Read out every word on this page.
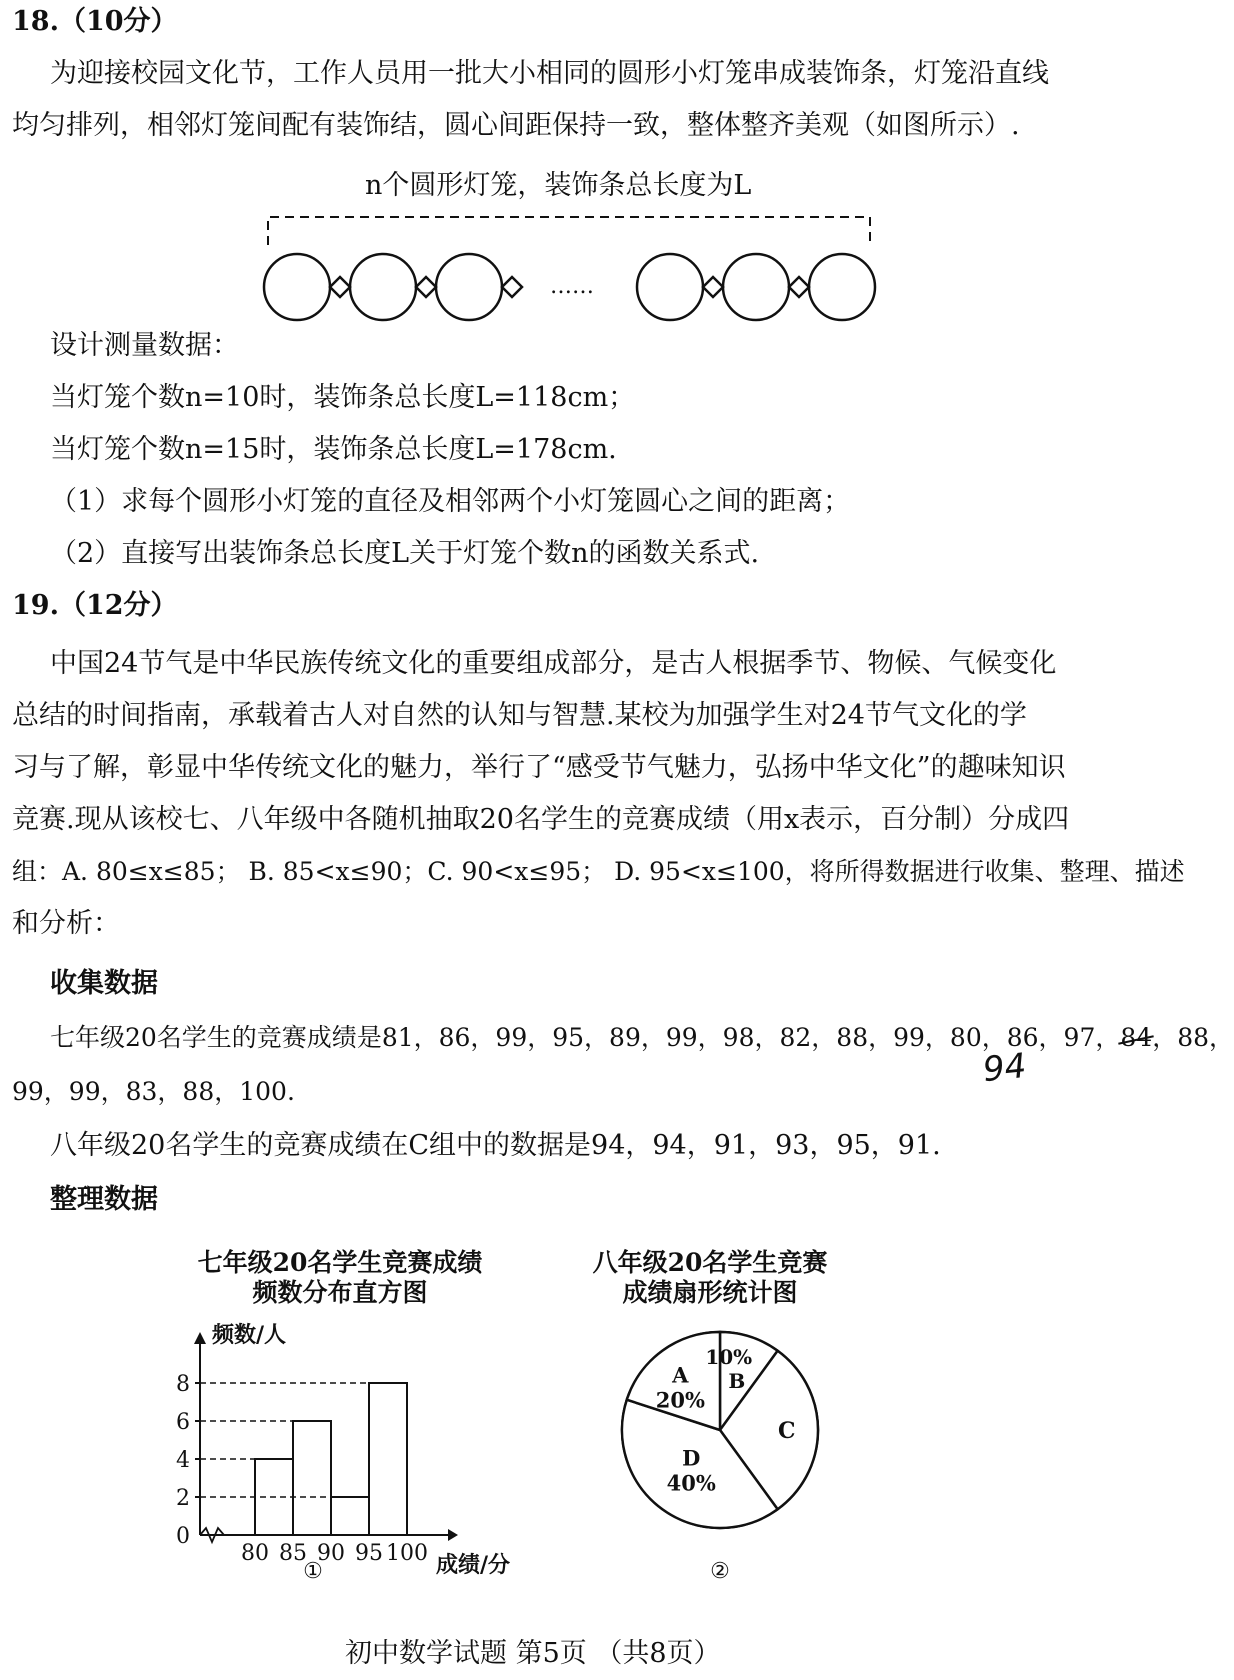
18.（10分）
为迎接校园文化节，工作人员用一批大小相同的圆形小灯笼串成装饰条，灯笼沿直线
均匀排列，相邻灯笼间配有装饰结，圆心间距保持一致，整体整齐美观（如图所示）.
n个圆形灯笼，装饰条总长度为L
……
设计测量数据：
当灯笼个数n=10时，装饰条总长度L=118cm；
当灯笼个数n=15时，装饰条总长度L=178cm.
（1）求每个圆形小灯笼的直径及相邻两个小灯笼圆心之间的距离；
（2）直接写出装饰条总长度L关于灯笼个数n的函数关系式.
19.（12分）
中国24节气是中华民族传统文化的重要组成部分，是古人根据季节、物候、气候变化
总结的时间指南，承载着古人对自然的认知与智慧.某校为加强学生对24节气文化的学
习与了解，彰显中华传统文化的魅力，举行了“感受节气魅力，弘扬中华文化”的趣味知识
竞赛.现从该校七、八年级中各随机抽取20名学生的竞赛成绩（用x表示，百分制）分成四
组：A. 80≤x≤85； B. 85<x≤90；C. 90<x≤95； D. 95<x≤100，将所得数据进行收集、整理、描述
和分析：
收集数据
七年级20名学生的竞赛成绩是81，86，99，95，89，99，98，82，88，99，80，86，97，84，88，
94
99，99，83，88，100.
八年级20名学生的竞赛成绩在C组中的数据是94，94，91，93，95，91.
整理数据
七年级20名学生竞赛成绩
频数分布直方图
频数/人
成绩/分
0
2
4
6
8
80 85 90 95 100
①
八年级20名学生竞赛
成绩扇形统计图
10%
B
C
D
40%
A
20%
②
初中数学试题 第5页 （共8页）
